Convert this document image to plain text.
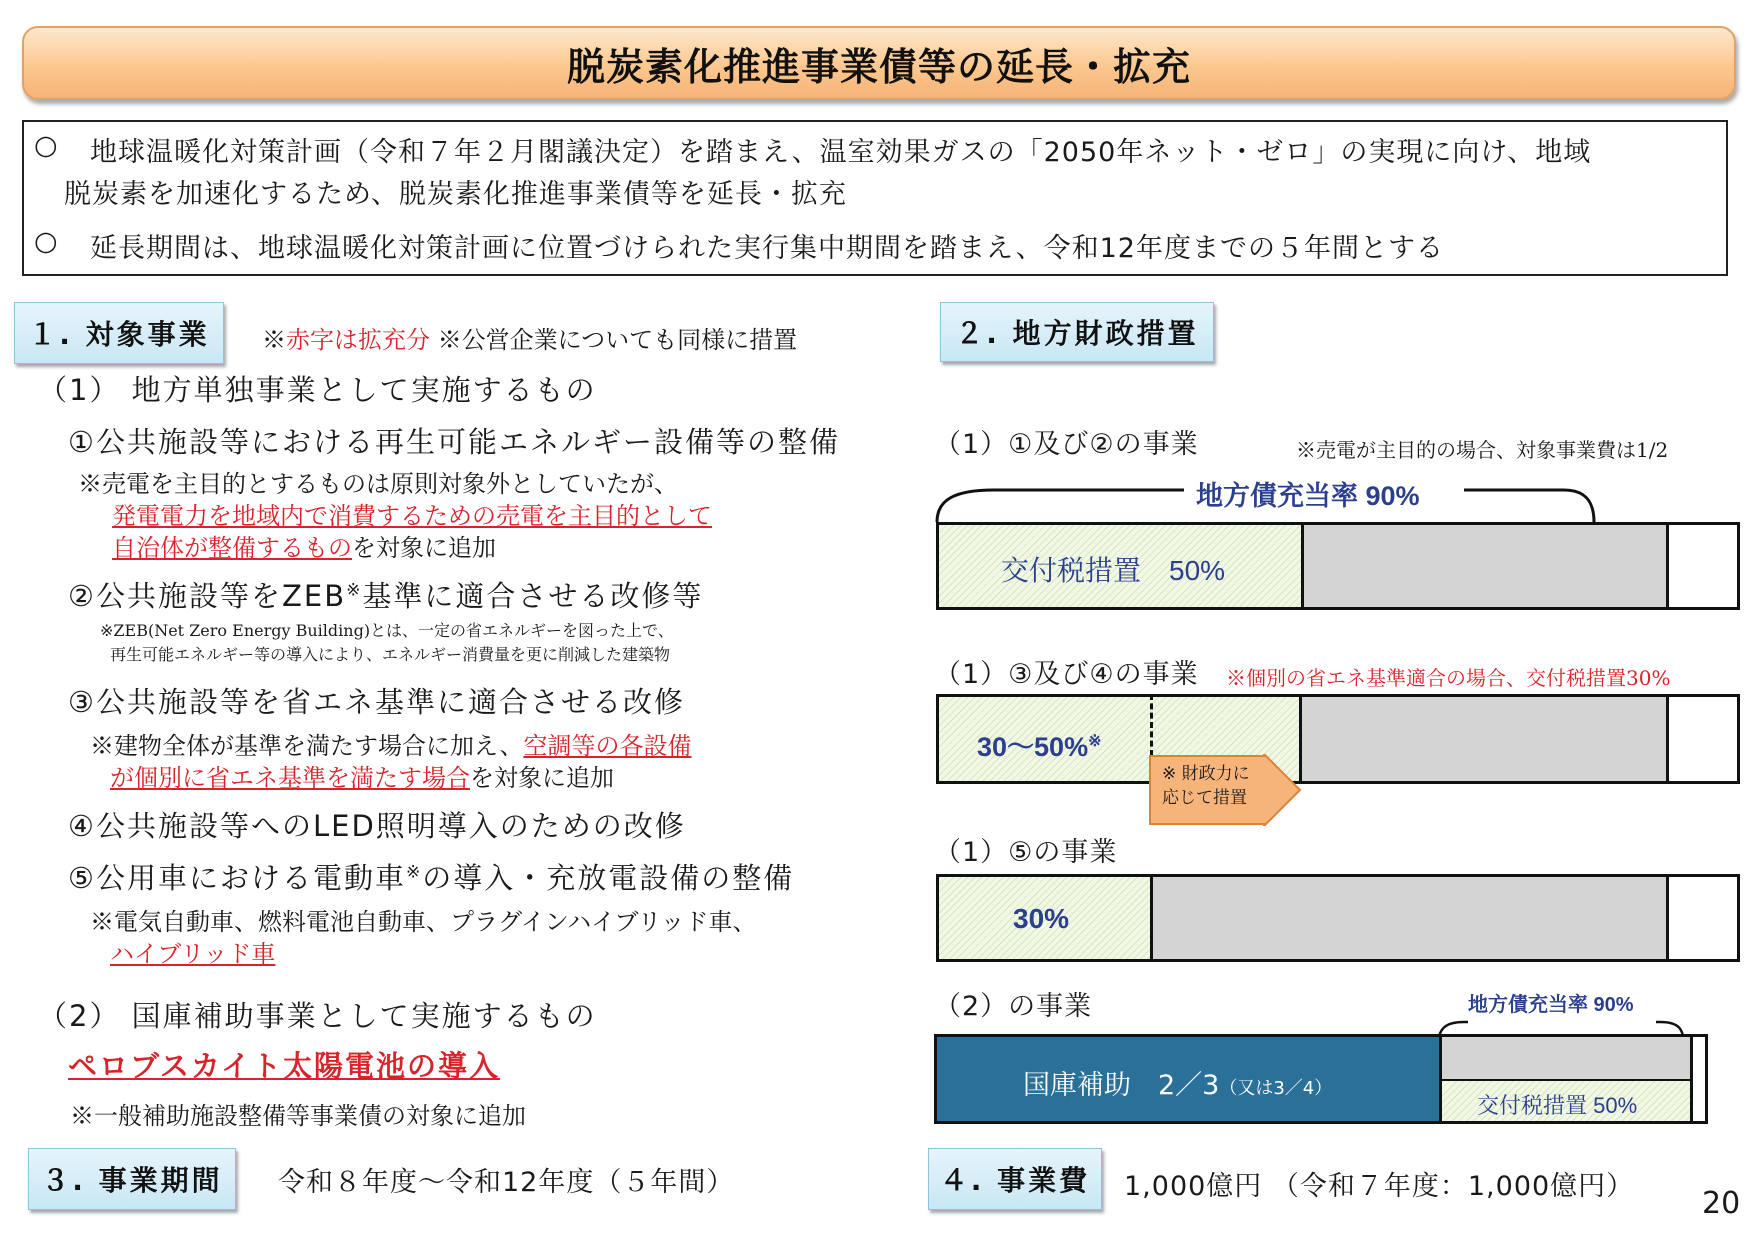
脱炭素化推進事業債等の延長・拡充
○ 地球温暖化対策計画（令和７年２月閣議決定）を踏まえ、温室効果ガスの「2050年ネット・ゼロ」の実現に向け、地域
脱炭素を加速化するため、脱炭素化推進事業債等を延長・拡充
○ 延長期間は、地球温暖化対策計画に位置づけられた実行集中期間を踏まえ、令和12年度までの５年間とする
１. 対象事業 ※赤字は拡充分 ※公営企業についても同様に措置
（1） 地方単独事業として実施するもの
①公共施設等における再生可能エネルギー設備等の整備
※売電を主目的とするものは原則対象外としていたが、
発電電力を地域内で消費するための売電を主目的として
自治体が整備するものを対象に追加
②公共施設等をZEB※基準に適合させる改修等
※ZEB(Net Zero Energy Building)とは、一定の省エネルギーを図った上で、
再生可能エネルギー等の導入により、エネルギー消費量を更に削減した建築物
③公共施設等を省エネ基準に適合させる改修
※建物全体が基準を満たす場合に加え、空調等の各設備
が個別に省エネ基準を満たす場合を対象に追加
④公共施設等へのLED照明導入のための改修
⑤公用車における電動車※の導入・充放電設備の整備
※電気自動車、燃料電池自動車、プラグインハイブリッド車、
ハイブリッド車
（2） 国庫補助事業として実施するもの
ペロブスカイト太陽電池の導入
※一般補助施設整備等事業債の対象に追加
３. 事業期間 令和８年度～令和12年度（５年間）
２. 地方財政措置
（1）①及び②の事業	※売電が主目的の場合、対象事業費は1/2
地方債充当率 90%
交付税措置　50%
（1）③及び④の事業 ※個別の省エネ基準適合の場合、交付税措置30%
30～50%※
※ 財政力に
応じて措置
（1）⑤の事業
30%
（2）の事業	地方債充当率 90%
国庫補助　2／3（又は3／4）
交付税措置 50%
４. 事業費 1,000億円 （令和７年度：1,000億円） 20
